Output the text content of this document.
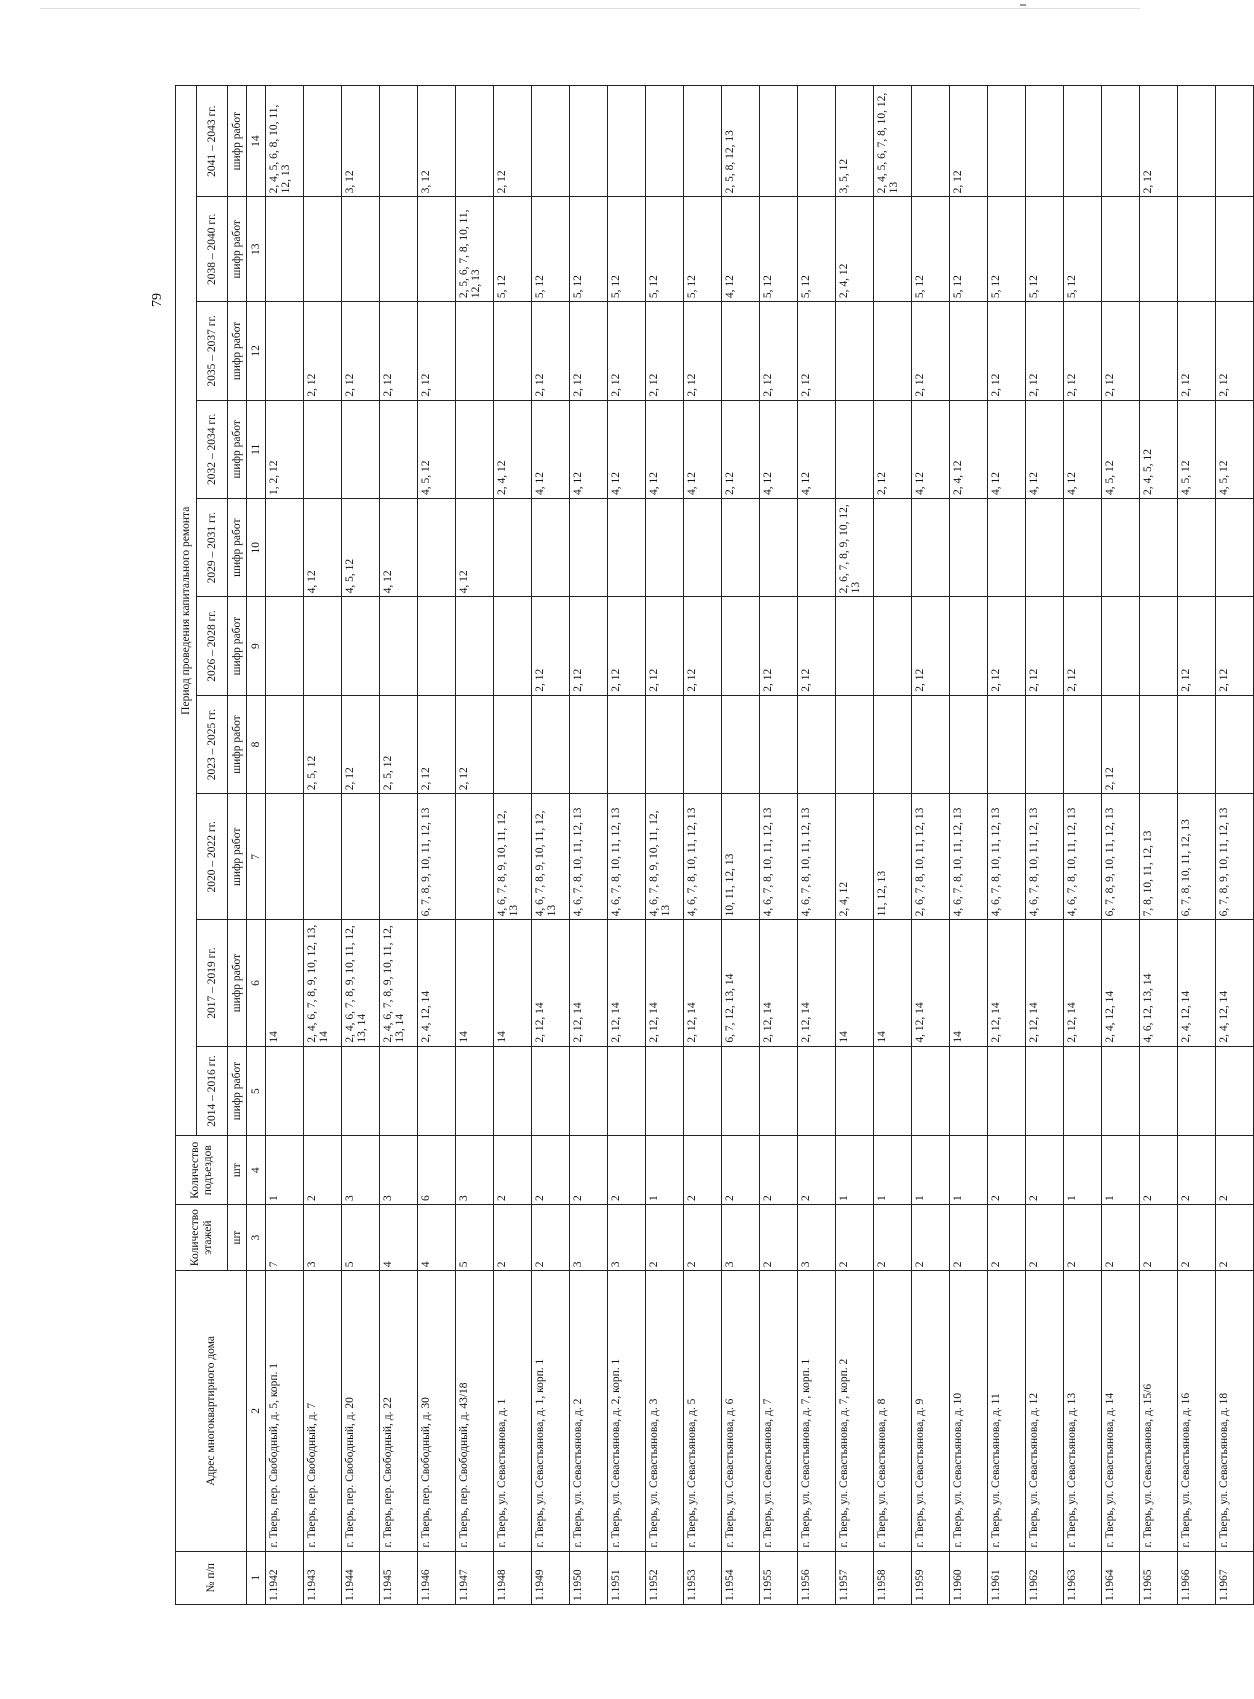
79
№ п/п	Адрес многоквартирного дома	Количество этажей	Количество подъездов	Период проведения капитального ремонта									
				2014 – 2016 гг.	2017 – 2019 гг.	2020 – 2022 гг.	2023 – 2025 гг.	2026 – 2028 гг.	2029 – 2031 гг.	2032 – 2034 гг.	2035 – 2037 гг.	2038 – 2040 гг.	2041 – 2043 гг.
		шт	шт	шифр работ	шифр работ	шифр работ	шифр работ	шифр работ	шифр работ	шифр работ	шифр работ	шифр работ	шифр работ
1	2	3	4	5	6	7	8	9	10	11	12	13	14
1.1942	г. Тверь, пер. Свободный, д. 5, корп. 1	7	1		14					1, 2, 12			2, 4, 5, 6, 8, 10, 11, 12, 13
1.1943	г. Тверь, пер. Свободный, д. 7	3	2		2, 4, 6, 7, 8, 9, 10, 12, 13, 14		2, 5, 12		4, 12		2, 12		
1.1944	г. Тверь, пер. Свободный, д. 20	5	3		2, 4, 6, 7, 8, 9, 10, 11, 12, 13, 14		2, 12		4, 5, 12		2, 12		3, 12
1.1945	г. Тверь, пер. Свободный, д. 22	4	3		2, 4, 6, 7, 8, 9, 10, 11, 12, 13, 14		2, 5, 12		4, 12		2, 12		
1.1946	г. Тверь, пер. Свободный, д. 30	4	6		2, 4, 12, 14	6, 7, 8, 9, 10, 11, 12, 13	2, 12			4, 5, 12	2, 12		3, 12
1.1947	г. Тверь, пер. Свободный, д. 43/18	5	3		14		2, 12		4, 12			2, 5, 6, 7, 8, 10, 11, 12, 13	
1.1948	г. Тверь, ул. Севастьянова, д. 1	2	2		14	4, 6, 7, 8, 9, 10, 11, 12, 13				2, 4, 12		5, 12	2, 12
1.1949	г. Тверь, ул. Севастьянова, д. 1, корп. 1	2	2		2, 12, 14	4, 6, 7, 8, 9, 10, 11, 12, 13		2, 12		4, 12	2, 12	5, 12	
1.1950	г. Тверь, ул. Севастьянова, д. 2	3	2		2, 12, 14	4, 6, 7, 8, 10, 11, 12, 13		2, 12		4, 12	2, 12	5, 12	
1.1951	г. Тверь, ул. Севастьянова, д. 2, корп. 1	3	2		2, 12, 14	4, 6, 7, 8, 10, 11, 12, 13		2, 12		4, 12	2, 12	5, 12	
1.1952	г. Тверь, ул. Севастьянова, д. 3	2	1		2, 12, 14	4, 6, 7, 8, 9, 10, 11, 12, 13		2, 12		4, 12	2, 12	5, 12	
1.1953	г. Тверь, ул. Севастьянова, д. 5	2	2		2, 12, 14	4, 6, 7, 8, 10, 11, 12, 13		2, 12		4, 12	2, 12	5, 12	
1.1954	г. Тверь, ул. Севастьянова, д. 6	3	2		6, 7, 12, 13, 14	10, 11, 12, 13				2, 12		4, 12	2, 5, 8, 12, 13
1.1955	г. Тверь, ул. Севастьянова, д. 7	2	2		2, 12, 14	4, 6, 7, 8, 10, 11, 12, 13		2, 12		4, 12	2, 12	5, 12	
1.1956	г. Тверь, ул. Севастьянова, д. 7, корп. 1	3	2		2, 12, 14	4, 6, 7, 8, 10, 11, 12, 13		2, 12		4, 12	2, 12	5, 12	
1.1957	г. Тверь, ул. Севастьянова, д. 7, корп. 2	2	1		14	2, 4, 12			2, 6, 7, 8, 9, 10, 12, 13			2, 4, 12	3, 5, 12
1.1958	г. Тверь, ул. Севастьянова, д. 8	2	1		14	11, 12, 13				2, 12			2, 4, 5, 6, 7, 8, 10, 12, 13
1.1959	г. Тверь, ул. Севастьянова, д. 9	2	1		4, 12, 14	2, 6, 7, 8, 10, 11, 12, 13		2, 12		4, 12	2, 12	5, 12	
1.1960	г. Тверь, ул. Севастьянова, д. 10	2	1		14	4, 6, 7, 8, 10, 11, 12, 13				2, 4, 12		5, 12	2, 12
1.1961	г. Тверь, ул. Севастьянова, д. 11	2	2		2, 12, 14	4, 6, 7, 8, 10, 11, 12, 13		2, 12		4, 12	2, 12	5, 12	
1.1962	г. Тверь, ул. Севастьянова, д. 12	2	2		2, 12, 14	4, 6, 7, 8, 10, 11, 12, 13		2, 12		4, 12	2, 12	5, 12	
1.1963	г. Тверь, ул. Севастьянова, д. 13	2	1		2, 12, 14	4, 6, 7, 8, 10, 11, 12, 13		2, 12		4, 12	2, 12	5, 12	
1.1964	г. Тверь, ул. Севастьянова, д. 14	2	1		2, 4, 12, 14	6, 7, 8, 9, 10, 11, 12, 13	2, 12			4, 5, 12	2, 12		
1.1965	г. Тверь, ул. Севастьянова, д. 15/6	2	2		4, 6, 12, 13, 14	7, 8, 10, 11, 12, 13				2, 4, 5, 12			2, 12
1.1966	г. Тверь, ул. Севастьянова, д. 16	2	2		2, 4, 12, 14	6, 7, 8, 10, 11, 12, 13		2, 12		4, 5, 12	2, 12		
1.1967	г. Тверь, ул. Севастьянова, д. 18	2	2		2, 4, 12, 14	6, 7, 8, 9, 10, 11, 12, 13		2, 12		4, 5, 12	2, 12		
